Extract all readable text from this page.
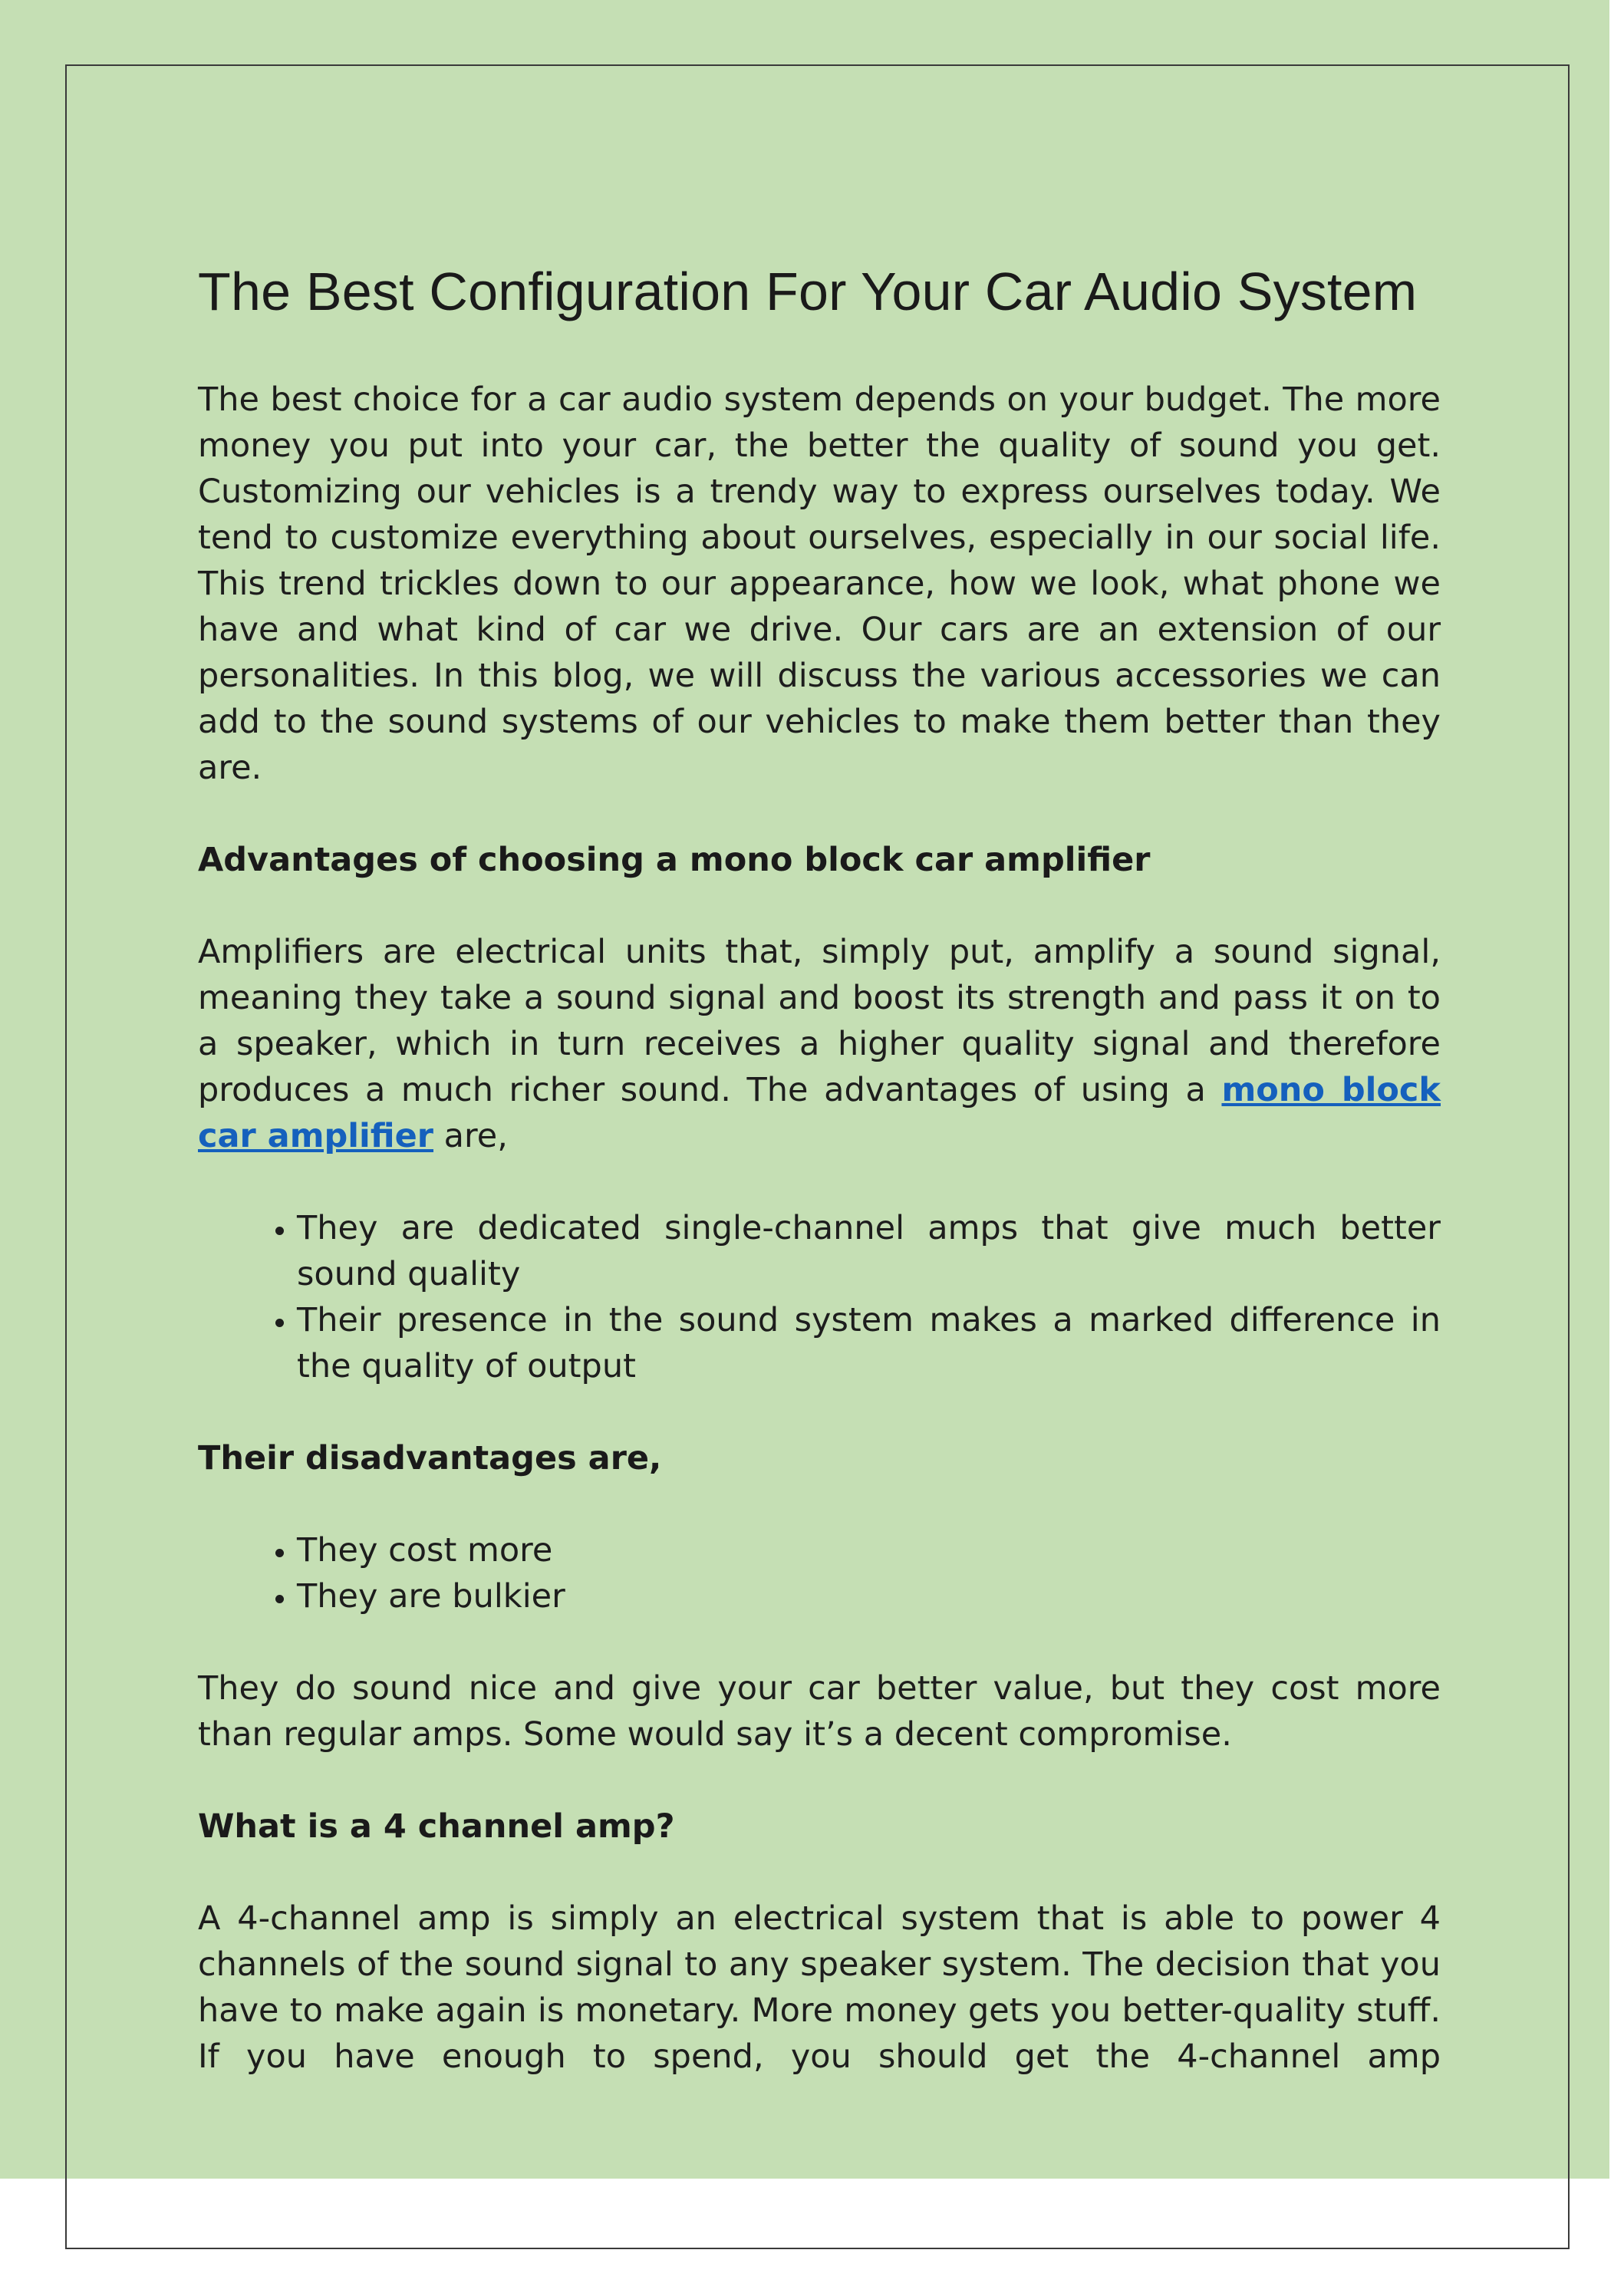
The Best Configuration For Your Car Audio System

The best choice for a car audio system depends on your budget. The more money you put into your car, the better the quality of sound you get. Customizing our vehicles is a trendy way to express ourselves today. We tend to customize everything about ourselves, especially in our social life. This trend trickles down to our appearance, how we look, what phone we have and what kind of car we drive. Our cars are an extension of our personalities. In this blog, we will discuss the various accessories we can add to the sound systems of our vehicles to make them better than they are.

Advantages of choosing a mono block car amplifier

Amplifiers are electrical units that, simply put, amplify a sound signal, meaning they take a sound signal and boost its strength and pass it on to a speaker, which in turn receives a higher quality signal and therefore produces a much richer sound. The advantages of using a mono block car amplifier are,

• They are dedicated single-channel amps that give much better sound quality
• Their presence in the sound system makes a marked difference in the quality of output
Their disadvantages are,
• They cost more
• They are bulkier

They do sound nice and give your car better value, but they cost more than regular amps. Some would say it’s a decent compromise.

What is a 4 channel amp?

A 4-channel amp is simply an electrical system that is able to power 4 channels of the sound signal to any speaker system. The decision that you have to make again is monetary. More money gets you better-quality stuff. If you have enough to spend, you should get the 4-channel amp
